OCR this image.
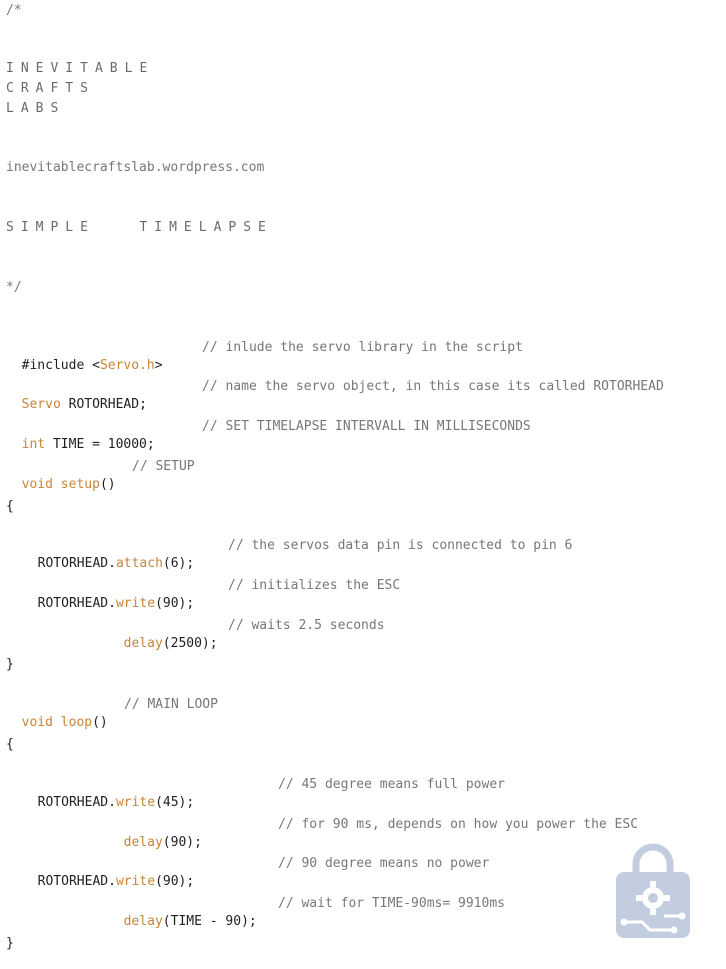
/*
INEVITABLE
CRAFTS
LABS
inevitablecraftslab.wordpress.com
SIMPLE   TIMELAPSE
*/

#include <Servo.h>

// inlude the servo library in the script

Servo ROTORHEAD;

// name the servo object, in this case its called ROTORHEAD

int TIME = 10000;

// SET TIMELAPSE INTERVALL IN MILLISECONDS

void setup()

// SETUP
{

ROTORHEAD.attach(6);

// the servos data pin is connected to pin 6

ROTORHEAD.write(90);

// initializes the ESC

delay(2500);

// waits 2.5 seconds
}

void loop()

// MAIN LOOP
{

ROTORHEAD.write(45);

// 45 degree means full power

delay(90);

// for 90 ms, depends on how you power the ESC

ROTORHEAD.write(90);

// 90 degree means no power

delay(TIME - 90);

// wait for TIME-90ms= 9910ms
}
